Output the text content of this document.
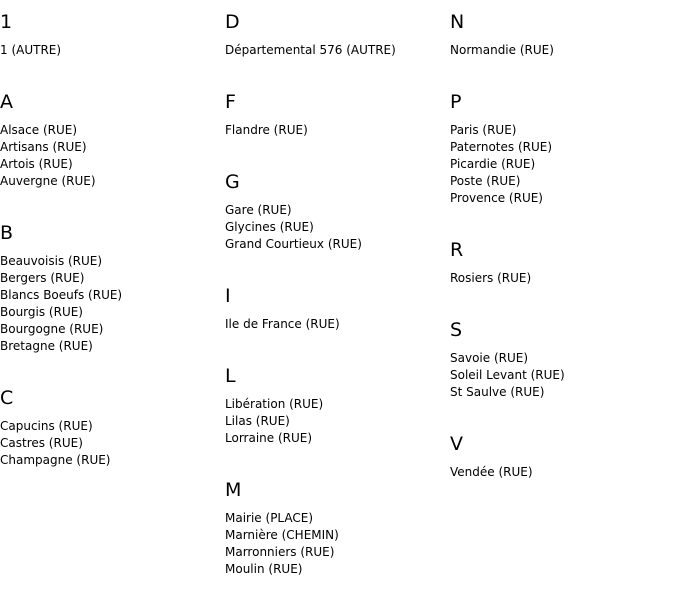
1
1 (AUTRE)
A
Alsace (RUE)
Artisans (RUE)
Artois (RUE)
Auvergne (RUE)
B
Beauvoisis (RUE)
Bergers (RUE)
Blancs Boeufs (RUE)
Bourgis (RUE)
Bourgogne (RUE)
Bretagne (RUE)
C
Capucins (RUE)
Castres (RUE)
Champagne (RUE)
D
Départemental 576 (AUTRE)
F
Flandre (RUE)
G
Gare (RUE)
Glycines (RUE)
Grand Courtieux (RUE)
I
Ile de France (RUE)
L
Libération (RUE)
Lilas (RUE)
Lorraine (RUE)
M
Mairie (PLACE)
Marnière (CHEMIN)
Marronniers (RUE)
Moulin (RUE)
N
Normandie (RUE)
P
Paris (RUE)
Paternotes (RUE)
Picardie (RUE)
Poste (RUE)
Provence (RUE)
R
Rosiers (RUE)
S
Savoie (RUE)
Soleil Levant (RUE)
St Saulve (RUE)
V
Vendée (RUE)
